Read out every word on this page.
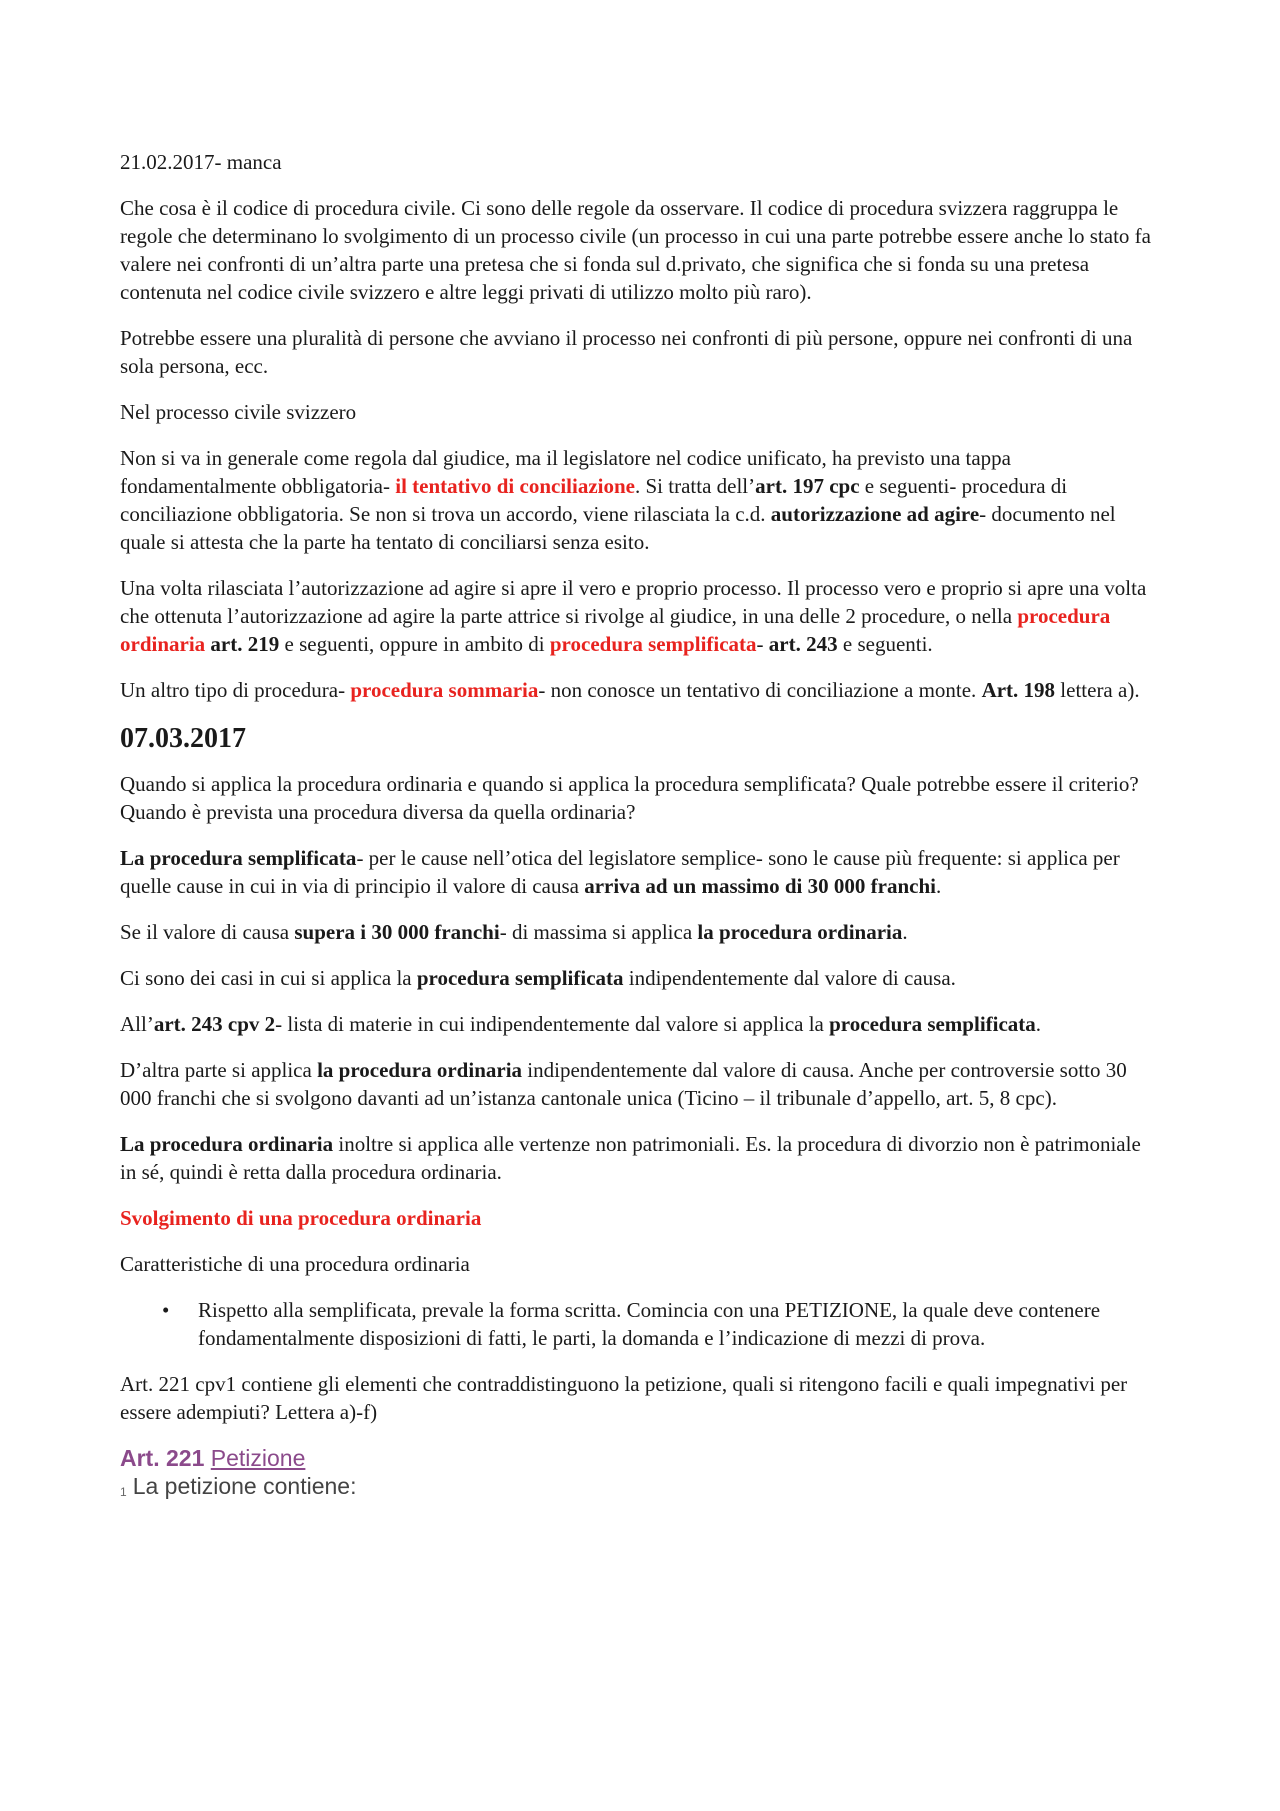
21.02.2017- manca

Che cosa è il codice di procedura civile. Ci sono delle regole da osservare. Il codice di procedura svizzera raggruppa le regole che determinano lo svolgimento di un processo civile (un processo in cui una parte potrebbe essere anche lo stato fa valere nei confronti di un’altra parte una pretesa che si fonda sul d.privato, che significa che si fonda su una pretesa contenuta nel codice civile svizzero e altre leggi privati di utilizzo molto più raro).

Potrebbe essere una pluralità di persone che avviano il processo nei confronti di più persone, oppure nei confronti di una sola persona, ecc.

Nel processo civile svizzero

Non si va in generale come regola dal giudice, ma il legislatore nel codice unificato, ha previsto una tappa fondamentalmente obbligatoria- il tentativo di conciliazione. Si tratta dell’art. 197 cpc e seguenti- procedura di conciliazione obbligatoria. Se non si trova un accordo, viene rilasciata la c.d. autorizzazione ad agire- documento nel quale si attesta che la parte ha tentato di conciliarsi senza esito.

Una volta rilasciata l’autorizzazione ad agire si apre il vero e proprio processo. Il processo vero e proprio si apre una volta che ottenuta l’autorizzazione ad agire la parte attrice si rivolge al giudice, in una delle 2 procedure, o nella procedura ordinaria art. 219 e seguenti, oppure in ambito di procedura semplificata- art. 243 e seguenti.

Un altro tipo di procedura- procedura sommaria- non conosce un tentativo di conciliazione a monte. Art. 198 lettera a).

07.03.2017

Quando si applica la procedura ordinaria e quando si applica la procedura semplificata? Quale potrebbe essere il criterio? Quando è prevista una procedura diversa da quella ordinaria?

La procedura semplificata- per le cause nell’otica del legislatore semplice- sono le cause più frequente: si applica per quelle cause in cui in via di principio il valore di causa arriva ad un massimo di 30 000 franchi.

Se il valore di causa supera i 30 000 franchi- di massima si applica la procedura ordinaria.

Ci sono dei casi in cui si applica la procedura semplificata indipendentemente dal valore di causa.

All’art. 243 cpv 2- lista di materie in cui indipendentemente dal valore si applica la procedura semplificata.

D’altra parte si applica la procedura ordinaria indipendentemente dal valore di causa. Anche per controversie sotto 30 000 franchi che si svolgono davanti ad un’istanza cantonale unica (Ticino – il tribunale d’appello, art. 5, 8 cpc).

La procedura ordinaria inoltre si applica alle vertenze non patrimoniali. Es. la procedura di divorzio non è patrimoniale in sé, quindi è retta dalla procedura ordinaria.

Svolgimento di una procedura ordinaria

Caratteristiche di una procedura ordinaria

• Rispetto alla semplificata, prevale la forma scritta. Comincia con una PETIZIONE, la quale deve contenere fondamentalmente disposizioni di fatti, le parti, la domanda e l’indicazione di mezzi di prova.

Art. 221 cpv1 contiene gli elementi che contraddistinguono la petizione, quali si ritengono facili e quali impegnativi per essere adempiuti? Lettera a)-f)

Art. 221 Petizione
$^1$ La petizione contiene:
